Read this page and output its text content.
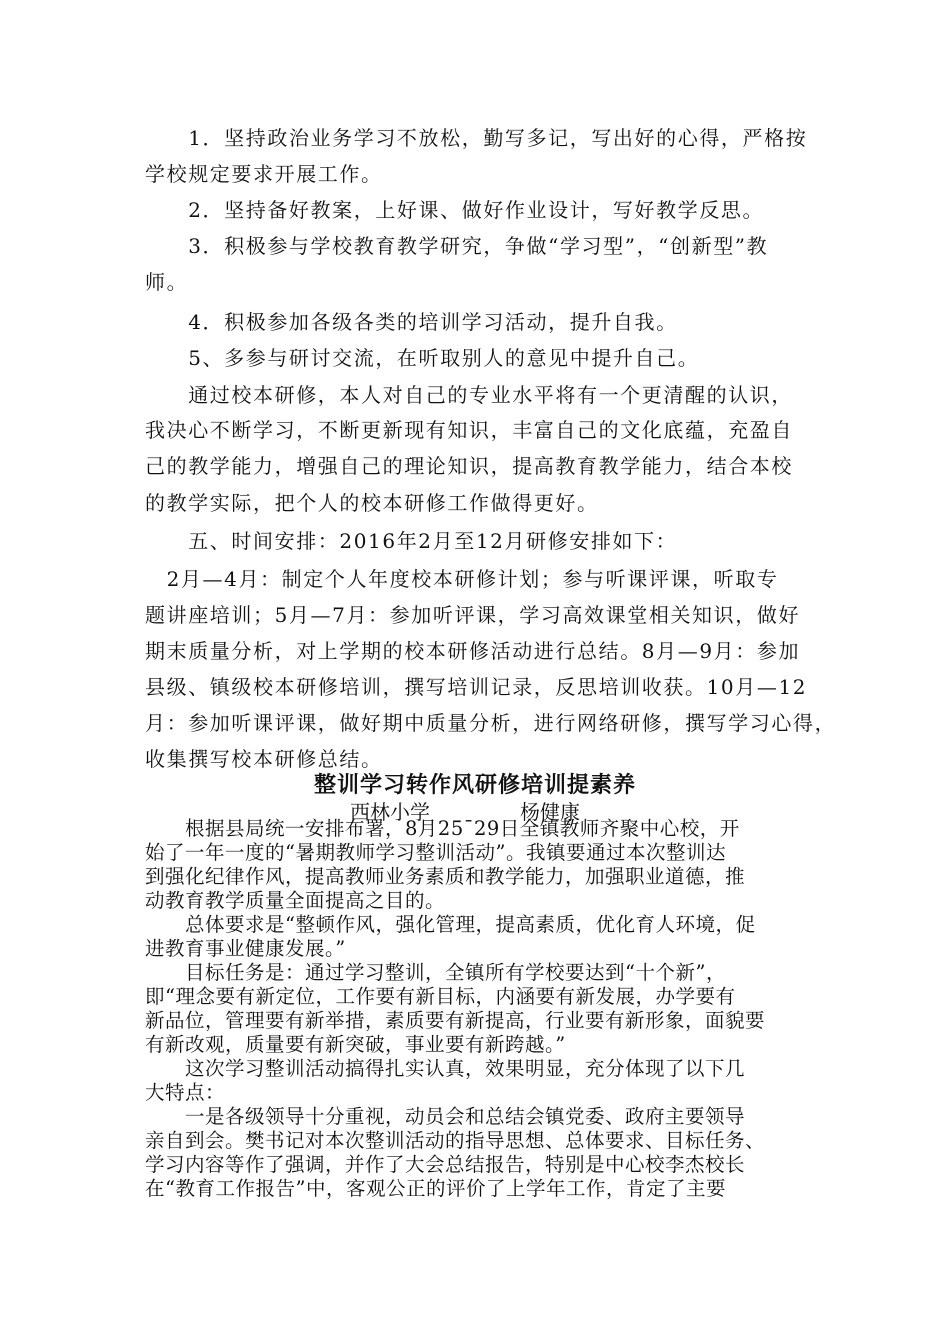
　　1．坚持政治业务学习不放松，勤写多记，写出好的心得，严格按
学校规定要求开展工作。
　　2．坚持备好教案，上好课、做好作业设计，写好教学反思。
　　3．积极参与学校教育教学研究，争做“学习型”，“创新型”教
师。
　　4．积极参加各级各类的培训学习活动，提升自我。
　　5、多参与研讨交流，在听取别人的意见中提升自己。
　　通过校本研修，本人对自己的专业水平将有一个更清醒的认识，
我决心不断学习，不断更新现有知识，丰富自己的文化底蕴，充盈自
己的教学能力，增强自己的理论知识，提高教育教学能力，结合本校
的教学实际，把个人的校本研修工作做得更好。
　　五、时间安排：2016年2月至12月研修安排如下：
　2月—4月：制定个人年度校本研修计划；参与听课评课，听取专
题讲座培训；5月—7月：参加听评课，学习高效课堂相关知识，做好
期末质量分析，对上学期的校本研修活动进行总结。8月—9月：参加
县级、镇级校本研修培训，撰写培训记录，反思培训收获。10月—12
月：参加听课评课，做好期中质量分析，进行网络研修，撰写学习心得，
收集撰写校本研修总结。
整训学习转作风研修培训提素养
西林小学	杨健康
　　根据县局统一安排布署，8月25¯29日全镇教师齐聚中心校，开
始了一年一度的“暑期教师学习整训活动”。我镇要通过本次整训达
到强化纪律作风，提高教师业务素质和教学能力，加强职业道德，推
动教育教学质量全面提高之目的。
　　总体要求是“整顿作风，强化管理，提高素质，优化育人环境，促
进教育事业健康发展。”
　　目标任务是：通过学习整训，全镇所有学校要达到“十个新”，
即“理念要有新定位，工作要有新目标，内涵要有新发展，办学要有
新品位，管理要有新举措，素质要有新提高，行业要有新形象，面貌要
有新改观，质量要有新突破，事业要有新跨越。”
　　这次学习整训活动搞得扎实认真，效果明显，充分体现了以下几
大特点：
　　一是各级领导十分重视，动员会和总结会镇党委、政府主要领导
亲自到会。樊书记对本次整训活动的指导思想、总体要求、目标任务、
学习内容等作了强调，并作了大会总结报告，特别是中心校李杰校长
在“教育工作报告”中，客观公正的评价了上学年工作，肯定了主要
